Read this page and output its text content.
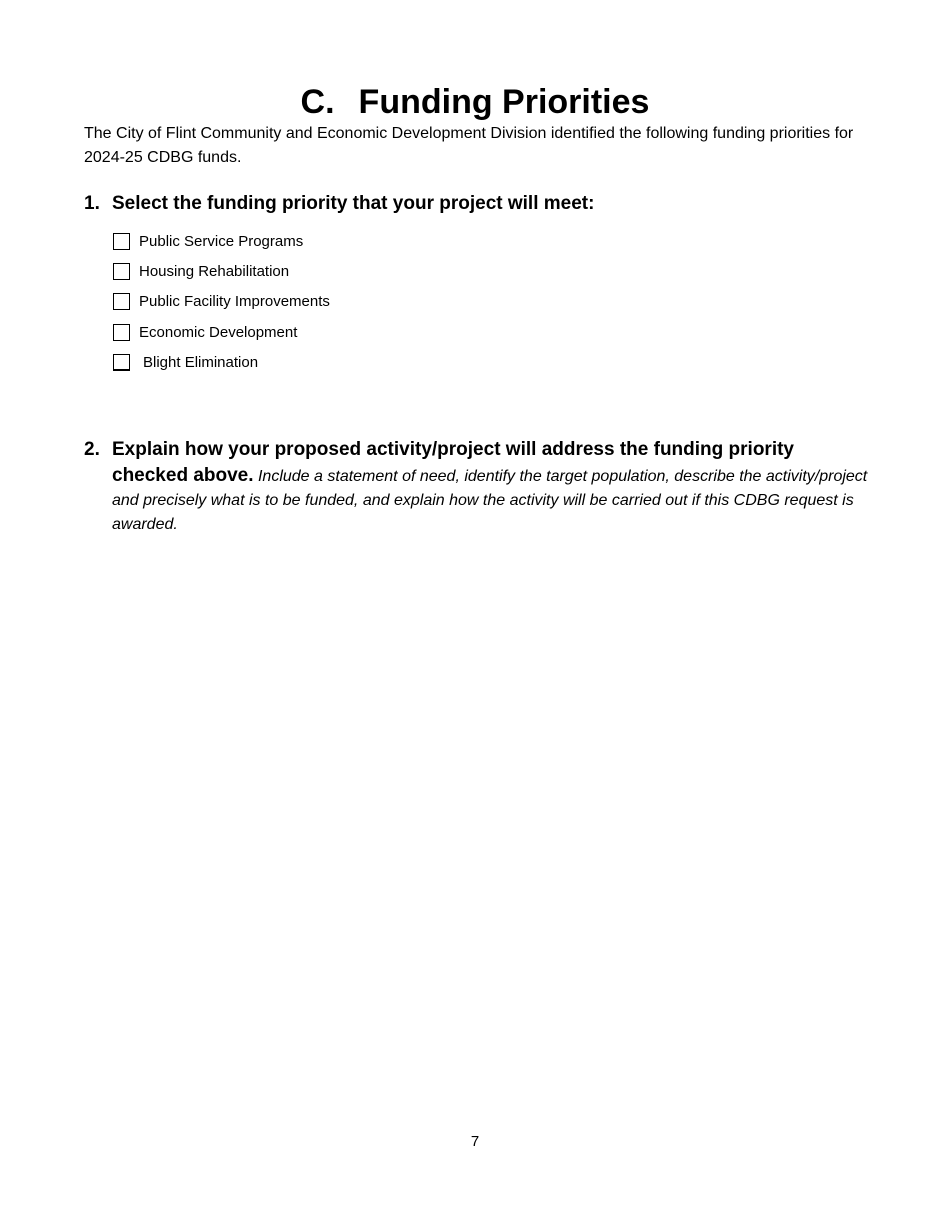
C. Funding Priorities

The City of Flint Community and Economic Development Division identified the following funding priorities for 2024-25 CDBG funds.

1. Select the funding priority that your project will meet:
Public Service Programs
Housing Rehabilitation
Public Facility Improvements
Economic Development
Blight Elimination
2. Explain how your proposed activity/project will address the funding priority checked above. Include a statement of need, identify the target population, describe the activity/project and precisely what is to be funded, and explain how the activity will be carried out if this CDBG request is awarded.
7
